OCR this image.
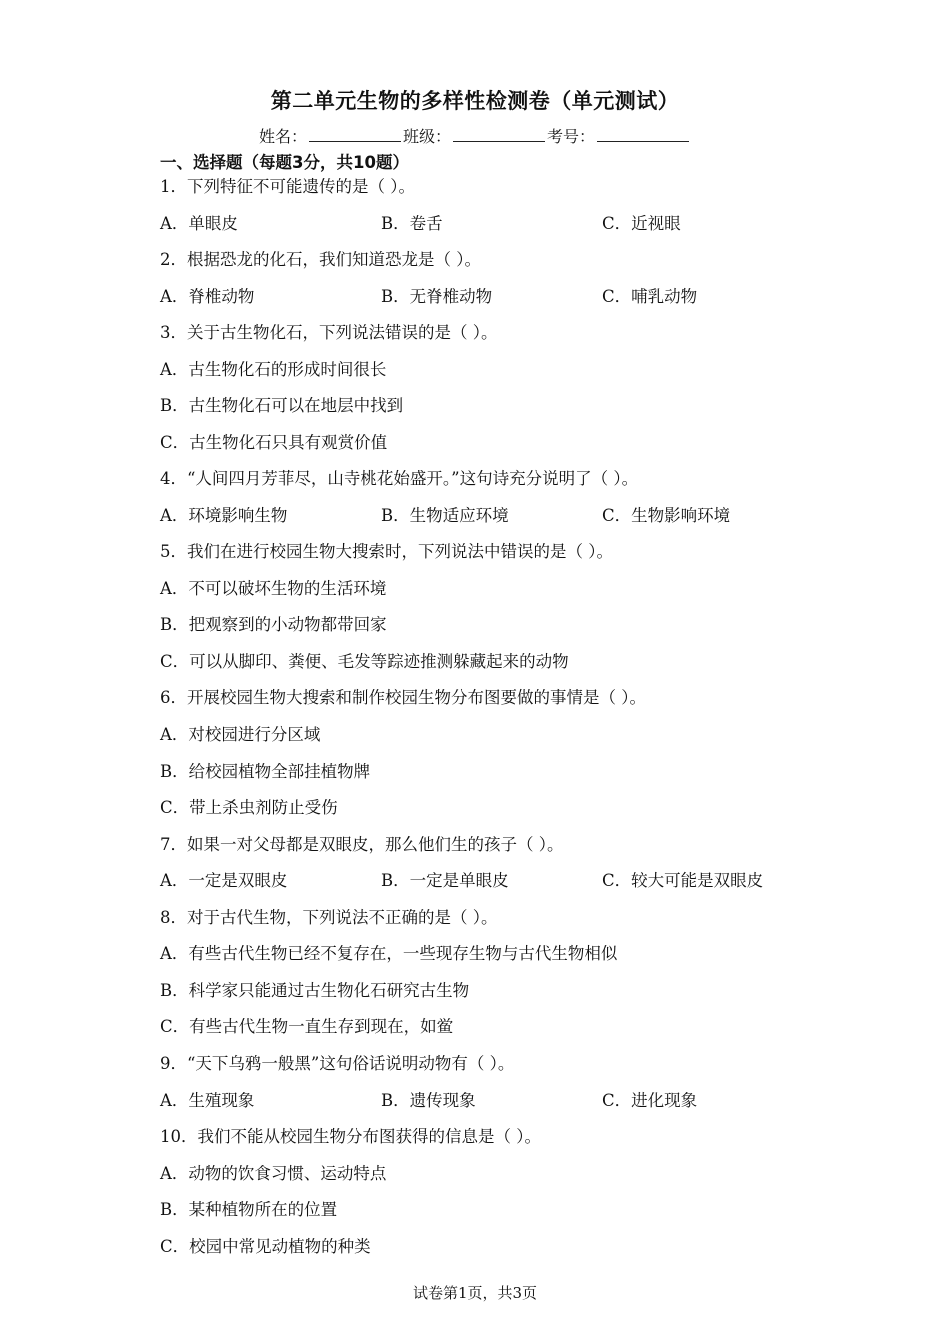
第二单元生物的多样性检测卷（单元测试）
姓名：	班级：	考号：
一、选择题（每题3分，共10题）
1．下列特征不可能遗传的是（ ）。
A．单眼皮	B．卷舌	C．近视眼
2．根据恐龙的化石，我们知道恐龙是（ ）。
A．脊椎动物	B．无脊椎动物	C．哺乳动物
3．关于古生物化石，下列说法错误的是（ ）。
A．古生物化石的形成时间很长
B．古生物化石可以在地层中找到
C．古生物化石只具有观赏价值
4．“人间四月芳菲尽，山寺桃花始盛开。”这句诗充分说明了（ ）。
A．环境影响生物	B．生物适应环境	C．生物影响环境
5．我们在进行校园生物大搜索时，下列说法中错误的是（ ）。
A．不可以破坏生物的生活环境
B．把观察到的小动物都带回家
C．可以从脚印、粪便、毛发等踪迹推测躲藏起来的动物
6．开展校园生物大搜索和制作校园生物分布图要做的事情是（ ）。
A．对校园进行分区域
B．给校园植物全部挂植物牌
C．带上杀虫剂防止受伤
7．如果一对父母都是双眼皮，那么他们生的孩子（ ）。
A．一定是双眼皮	B．一定是单眼皮	C．较大可能是双眼皮
8．对于古代生物，下列说法不正确的是（ ）。
A．有些古代生物已经不复存在，一些现存生物与古代生物相似
B．科学家只能通过古生物化石研究古生物
C．有些古代生物一直生存到现在，如鲎
9．“天下乌鸦一般黑”这句俗话说明动物有（ ）。
A．生殖现象	B．遗传现象	C．进化现象
10．我们不能从校园生物分布图获得的信息是（ ）。
A．动物的饮食习惯、运动特点
B．某种植物所在的位置
C．校园中常见动植物的种类
试卷第1页，共3页
